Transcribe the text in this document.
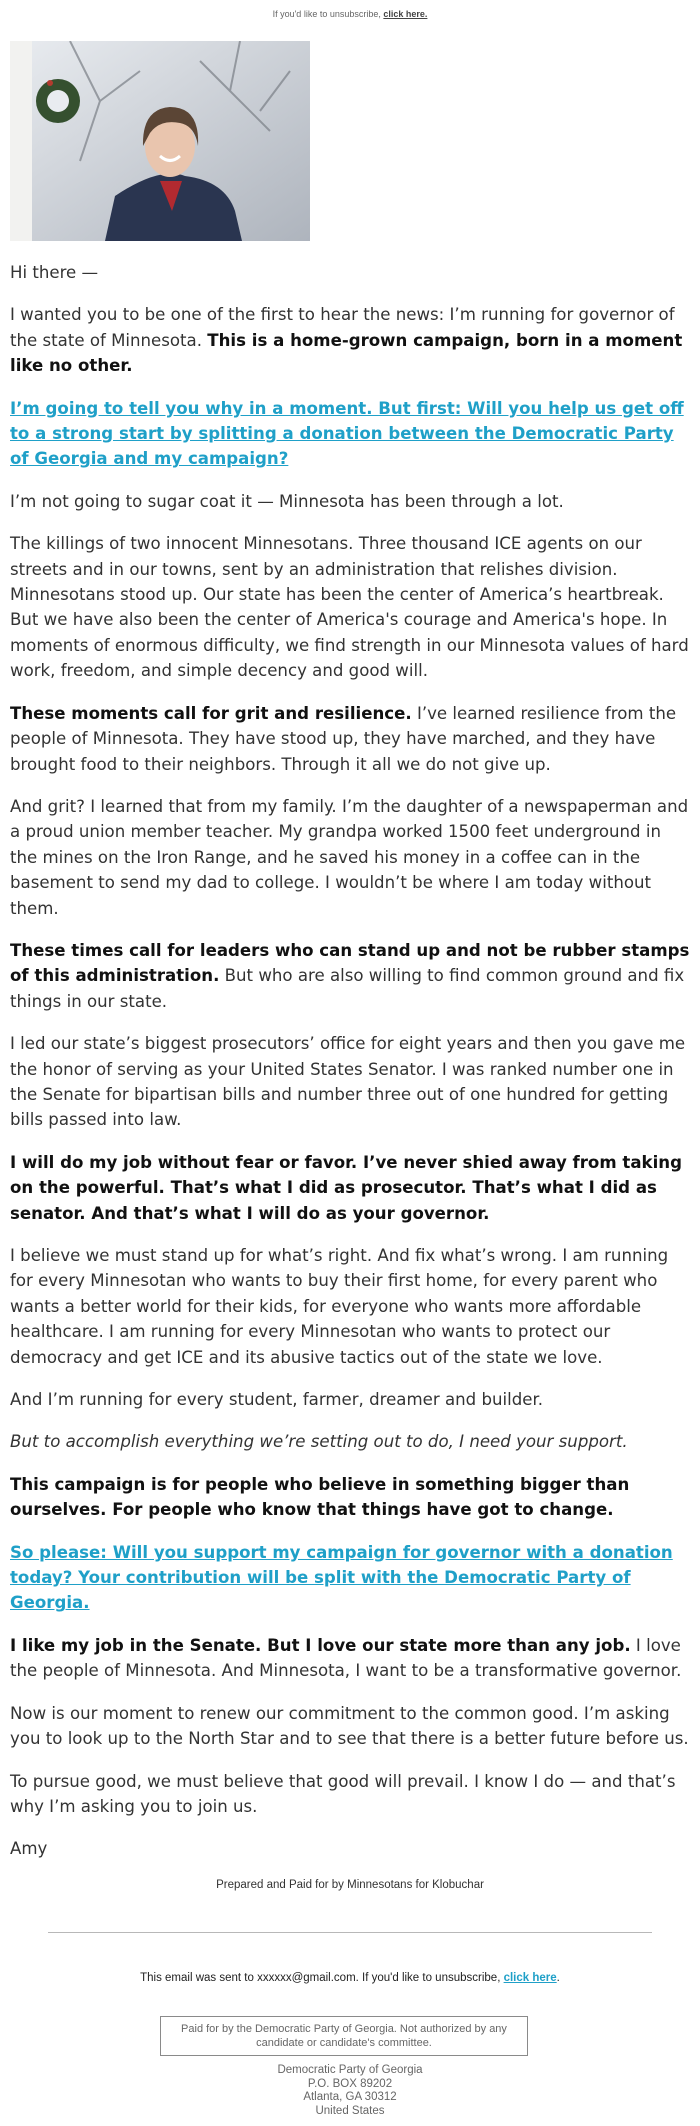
If you'd like to unsubscribe, click here.

Hi there —

I wanted you to be one of the first to hear the news: I’m running for governor of the state of Minnesota. This is a home-grown campaign, born in a moment like no other.

I’m going to tell you why in a moment. But first: Will you help us get off to a strong start by splitting a donation between the Democratic Party of Georgia and my campaign?

I’m not going to sugar coat it — Minnesota has been through a lot.

The killings of two innocent Minnesotans. Three thousand ICE agents on our streets and in our towns, sent by an administration that relishes division. Minnesotans stood up. Our state has been the center of America’s heartbreak. But we have also been the center of America's courage and America's hope. In moments of enormous difficulty, we find strength in our Minnesota values of hard work, freedom, and simple decency and good will.

These moments call for grit and resilience. I’ve learned resilience from the people of Minnesota. They have stood up, they have marched, and they have brought food to their neighbors. Through it all we do not give up.

And grit? I learned that from my family. I’m the daughter of a newspaperman and a proud union member teacher. My grandpa worked 1500 feet underground in the mines on the Iron Range, and he saved his money in a coffee can in the basement to send my dad to college. I wouldn’t be where I am today without them.

These times call for leaders who can stand up and not be rubber stamps of this administration. But who are also willing to find common ground and fix things in our state.

I led our state’s biggest prosecutors’ office for eight years and then you gave me the honor of serving as your United States Senator. I was ranked number one in the Senate for bipartisan bills and number three out of one hundred for getting bills passed into law.

I will do my job without fear or favor. I’ve never shied away from taking on the powerful. That’s what I did as prosecutor. That’s what I did as senator. And that’s what I will do as your governor.

I believe we must stand up for what’s right. And fix what’s wrong. I am running for every Minnesotan who wants to buy their first home, for every parent who wants a better world for their kids, for everyone who wants more affordable healthcare. I am running for every Minnesotan who wants to protect our democracy and get ICE and its abusive tactics out of the state we love.

And I’m running for every student, farmer, dreamer and builder.

But to accomplish everything we’re setting out to do, I need your support.

This campaign is for people who believe in something bigger than ourselves. For people who know that things have got to change.

So please: Will you support my campaign for governor with a donation today? Your contribution will be split with the Democratic Party of Georgia.

I like my job in the Senate. But I love our state more than any job. I love the people of Minnesota. And Minnesota, I want to be a transformative governor.

Now is our moment to renew our commitment to the common good. I’m asking you to look up to the North Star and to see that there is a better future before us.

To pursue good, we must believe that good will prevail. I know I do — and that’s why I’m asking you to join us.

Amy

Prepared and Paid for by Minnesotans for Klobuchar
This email was sent to xxxxxx@gmail.com. If you'd like to unsubscribe, click here.
Paid for by the Democratic Party of Georgia. Not authorized by any candidate or candidate's committee.
Democratic Party of Georgia
P.O. BOX 89202
Atlanta, GA 30312
United States
